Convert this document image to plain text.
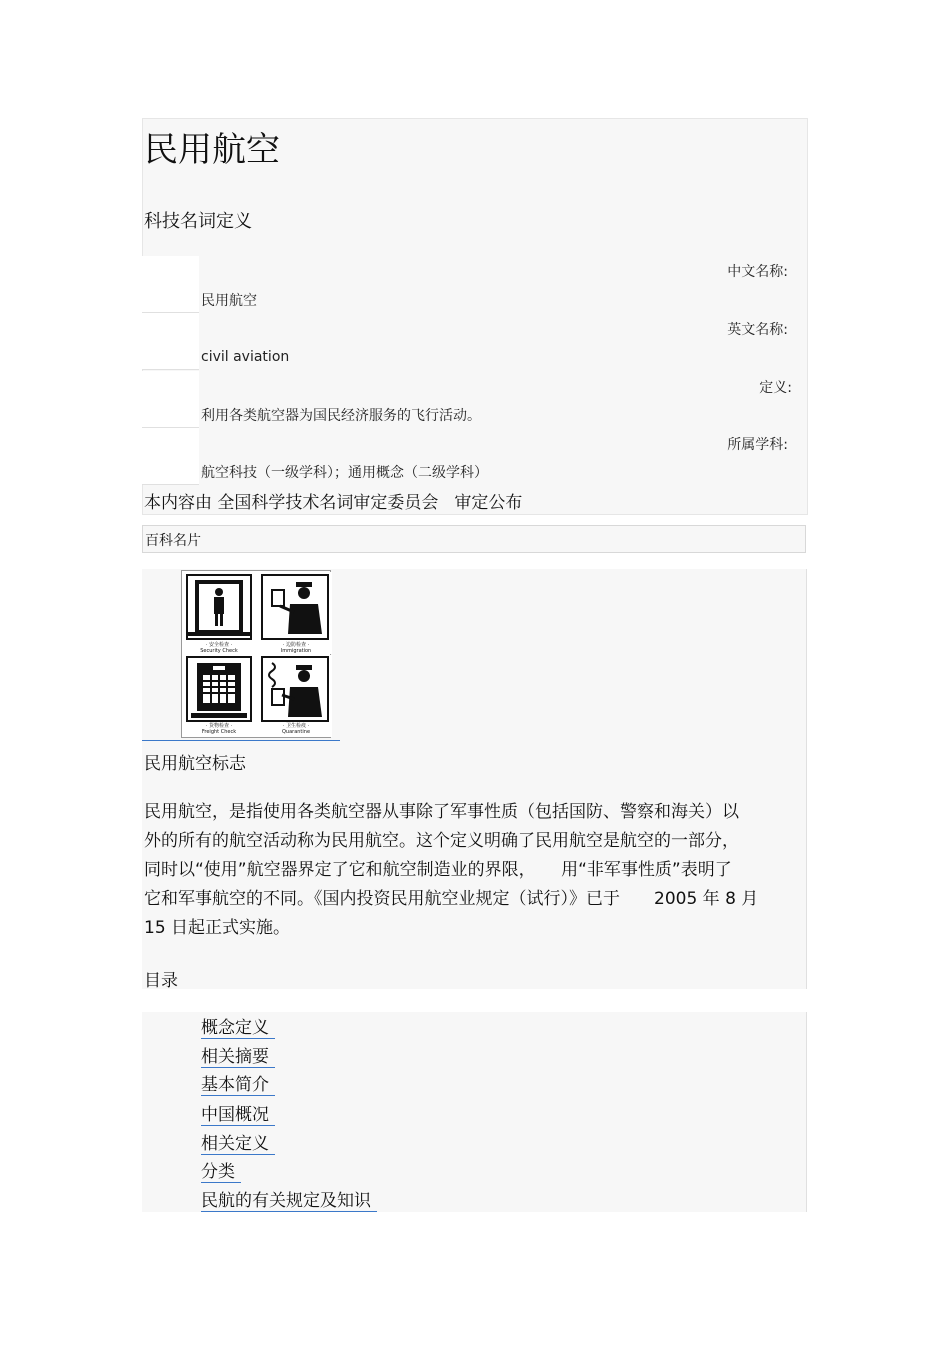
民用航空
科技名词定义
中文名称:
民用航空
英文名称:
civil aviation
定义:
利用各类航空器为国民经济服务的飞行活动。
所属学科:
航空科技（一级学科）；通用概念（二级学科）
本内容由 全国科学技术名词审定委员会 审定公布
百科名片
· 安全检查 ·
Security Check
· 边防检查 ·
Immigration
· 货物检查 ·
Freight Check
· 卫生检疫 ·
Quarantine
民用航空标志
民用航空，是指使用各类航空器从事除了军事性质（包括国防、警察和海关）以
外的所有的航空活动称为民用航空。这个定义明确了民用航空是航空的一部分，
同时以“使用”航空器界定了它和航空制造业的界限，　　用“非军事性质”表明了
它和军事航空的不同。《国内投资民用航空业规定（试行）》已于　　2005 年 8 月
15 日起正式实施。
目录
概念定义
相关摘要
基本简介
中国概况
相关定义
分类
民航的有关规定及知识
